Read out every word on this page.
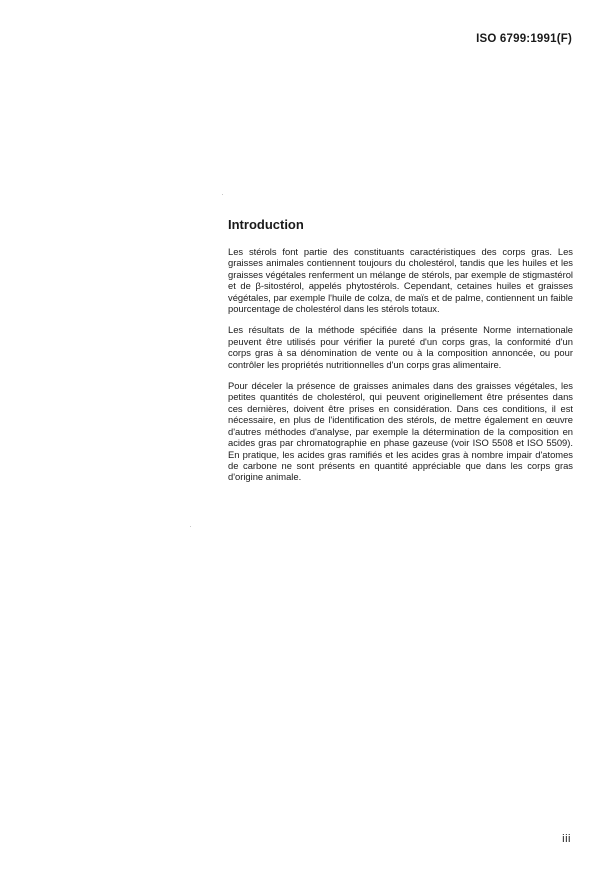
ISO 6799:1991(F)
Introduction

Les stérols font partie des constituants caractéristiques des corps gras. Les graisses animales contiennent toujours du cholestérol, tandis que les huiles et les graisses végétales renferment un mélange de stérols, par exemple de stigmastérol et de β-sitostérol, appelés phytostérols. Cependant, cetaines huiles et graisses végétales, par exemple l'huile de colza, de maïs et de palme, contiennent un faible pourcentage de cholestérol dans les stérols totaux.

Les résultats de la méthode spécifiée dans la présente Norme internationale peuvent être utilisés pour vérifier la pureté d'un corps gras, la conformité d'un corps gras à sa dénomination de vente ou à la composition annoncée, ou pour contrôler les propriétés nutritionnelles d'un corps gras alimentaire.

Pour déceler la présence de graisses animales dans des graisses végétales, les petites quantités de cholestérol, qui peuvent originellement être présentes dans ces dernières, doivent être prises en considération. Dans ces conditions, il est nécessaire, en plus de l'identification des stérols, de mettre également en œuvre d'autres méthodes d'analyse, par exemple la détermination de la composition en acides gras par chromatographie en phase gazeuse (voir ISO 5508 et ISO 5509). En pratique, les acides gras ramifiés et les acides gras à nombre impair d'atomes de carbone ne sont présents en quantité appréciable que dans les corps gras d'origine animale.

iii
